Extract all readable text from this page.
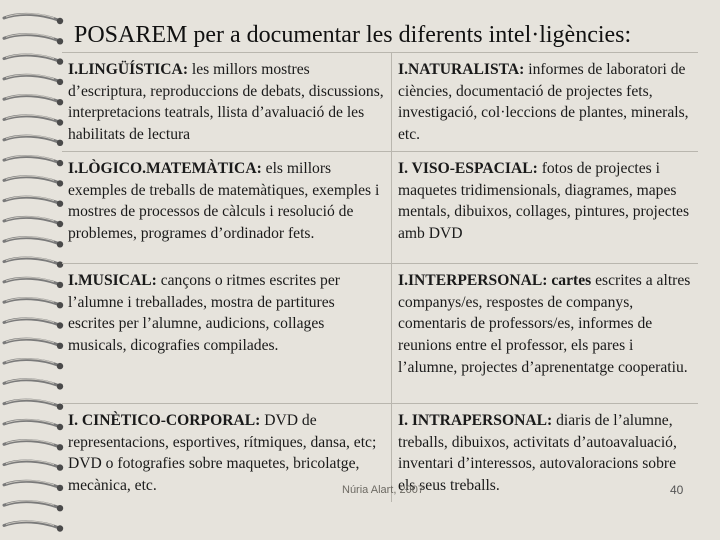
POSAREM per a documentar les diferents intel·ligències:
I.LINGÜÍSTICA: les millors mostres d’escriptura, reproduccions de debats, discussions, interpretacions teatrals, llista d’avaluació de les habilitats de lectura
I.NATURALISTA: informes de laboratori de ciències, documentació de projectes fets, investigació, col·leccions de plantes, minerals, etc.
I.LÒGICO.MATEMÀTICA: els millors exemples de treballs de matemàtiques, exemples i mostres de processos de càlculs i resolució de problemes, programes d’ordinador fets.
I. VISO-ESPACIAL: fotos de projectes i maquetes tridimensionals, diagrames, mapes mentals, dibuixos, collages, pintures, projectes amb DVD
I.MUSICAL: cançons o ritmes escrites per l’alumne i treballades, mostra de partitures escrites per l’alumne, audicions, collages musicals, dicografies compilades.
I.INTERPERSONAL: cartes escrites a altres companys/es, respostes de companys, comentaris de professors/es, informes de reunions entre el professor, els pares i l’alumne, projectes d’aprenentatge cooperatiu.
I. CINÈTICO-CORPORAL: DVD de representacions, esportives, rítmiques, dansa, etc; DVD o fotografies sobre maquetes, bricolatge, mecànica, etc.
I. INTRAPERSONAL: diaris de l’alumne, treballs, dibuixos, activitats d’autoavaluació, inventari d’interessos, autovaloracions sobre els seus treballs.
Núria Alart, 2007	40
